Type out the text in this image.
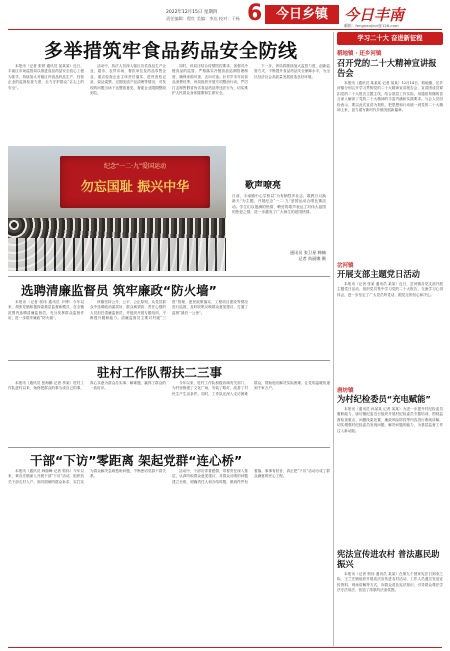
2022年12月15日 星期四
责任编辑：程红 美编：李达 校对：于杨 6	今日乡镇	今日丰南
邮箱：fengnanjinri@126.com
多举措筑牢食品药品安全防线

本报讯（记者 张婷 通讯员 某某某）近日，丰南区市场监管局以推进食品药品安全放心工程为抓手，持续加大对辖区内食品药品生产、经营企业的监督检查力度，全力守护群众“舌尖上的安全”。

活动中，执法人员深入辖区各类食品生产企业、超市、农贸市场、餐饮单位及药品零售企业，重点检查企业主体责任落实、进货查验记录、索证索票、过期变质产品清理等情况，对发现的问题当场下达整改意见，督促企业限期整改到位。

同时，该局还结合疫情防控要求，加强对冷链食品的监管，严格落实冷链食品追溯管理制度，确保来源可查、去向可追。针对岁末年初食品消费旺季，该局组织开展专项整治行动，严厉打击制售假冒伪劣食品药品等违法行为，切实维护人民群众身体健康和生命安全。

下一步，该局将继续加大监管力度，创新监管方式，不断提升食品药品安全保障水平，为全区经济社会高质量发展营造良好环境。

纪念“一二·九”爱国运动
勿忘国耻 振兴中华	歌声嘹亮
日前，丰南镇中心学校以“为有牺牲多壮志，敢教日月换新天”为主题，开展纪念“一二·九”爱国运动合唱比赛活动。学生们以饱满的热情、嘹亮的歌声表达了对伟大祖国的热爱之情，进一步激发了广大师生的爱国热情。
通讯员 张卫星 韩楠
记者 尚丽娜 摄
选聘清廉监督员 筑牢廉政“防火墙”

本报讯（记者 郭伟 通讯员 尹博）今年以来，胡张坨镇积极探索基层监督新模式，在全镇范围内选聘清廉监督员，充分发挥群众监督作用，进一步筑牢廉政“防火墙”。

该镇坚持公开、公平、公正原则，从党员群众中选聘政治素质好、群众威望高、责任心强的人员担任清廉监督员，并组织开展专题培训，不断提升履职能力。清廉监督员主要对村级“三资”管理、惠民政策落实、工程项目建设等情况进行监督，及时收集反映群众意见建议，打通了监督“最后一公里”。

驻村工作队帮扶二三事

本报讯（通讯员 张海鹏 记者 李某）驻村工作队进村以来，始终把群众的事当成自己的事，真心实意为群众办实事、解难题，赢得了群众的一致好评。

今年以来，驻村工作队积极协调有关部门，为村里修建了文化广场，安装了路灯，改善了村民生产生活条件。同时，工作队还深入走访困难群众，帮助他们解决实际困难，让党的温暖传递到千家万户。

干部“下访”零距离 架起党群“连心桥”

本报讯（通讯员 韩瑞峰 记者 郭伟）今年以来，黄各庄镇深入开展干部“下访”活动，组织机关干部走村入户，面对面倾听群众诉求，实打实为群众解决急难愁盼问题，不断密切党群干群关系。

活动中，干部们带着感情、带着责任深入基层，认真听取群众意见建议，对群众反映的问题建立台账，明确责任人和办结时限，做到件件有着落、事事有回音，真正把“下访”活动办成了群众满意的民心工程。

学习二十大 奋进新征程
稻地镇 · 还乡河镇
召开党的二十大精神宣讲报告会
本报讯（通讯员 某某某 记者 某某）12月14日，稻地镇、还乡河镇分别召开学习贯彻党的二十大精神宣讲报告会，宣讲团成员紧扣党的二十大报告主题主线，结合基层工作实际，用通俗易懂的语言深入解读了党的二十大精神的丰富内涵和实践要求。与会人员纷纷表示，要以此次宣讲为契机，把思想和行动统一到党的二十大精神上来，奋力谱写新时代乡镇发展新篇章。
岔河镇
开展支部主题党日活动
本报讯（记者 张某 通讯员 某某）近日，岔河镇各党支部开展主题党日活动，组织党员集中学习党的二十大报告，交流学习心得体会，进一步坚定了广大党员听党话、跟党走的信心和决心。
唐坊镇
为村纪检委员“充电赋能”
本报讯（通讯员 孙某某 记者 某某）为进一步提升村纪检委员履职能力，唐坊镇纪委近日组织开展村纪检委员专题培训，围绕监督检查重点、问题线索处置、廉政风险防控等内容进行系统讲解，切实增强村纪检委员发现问题、解决问题的能力，为基层监督工作注入新动能。
宪法宣传进农村 普法惠民助振兴
本报讯（记者 郭伟 通讯员 某某）在第九个国家宪法日到来之际，王兰庄镇组织开展宪法宣传进农村活动，工作人员通过发放宣传资料、现场讲解等方式，向群众普及宪法知识，引导群众尊法学法守法用法，营造了浓厚的法治氛围。
